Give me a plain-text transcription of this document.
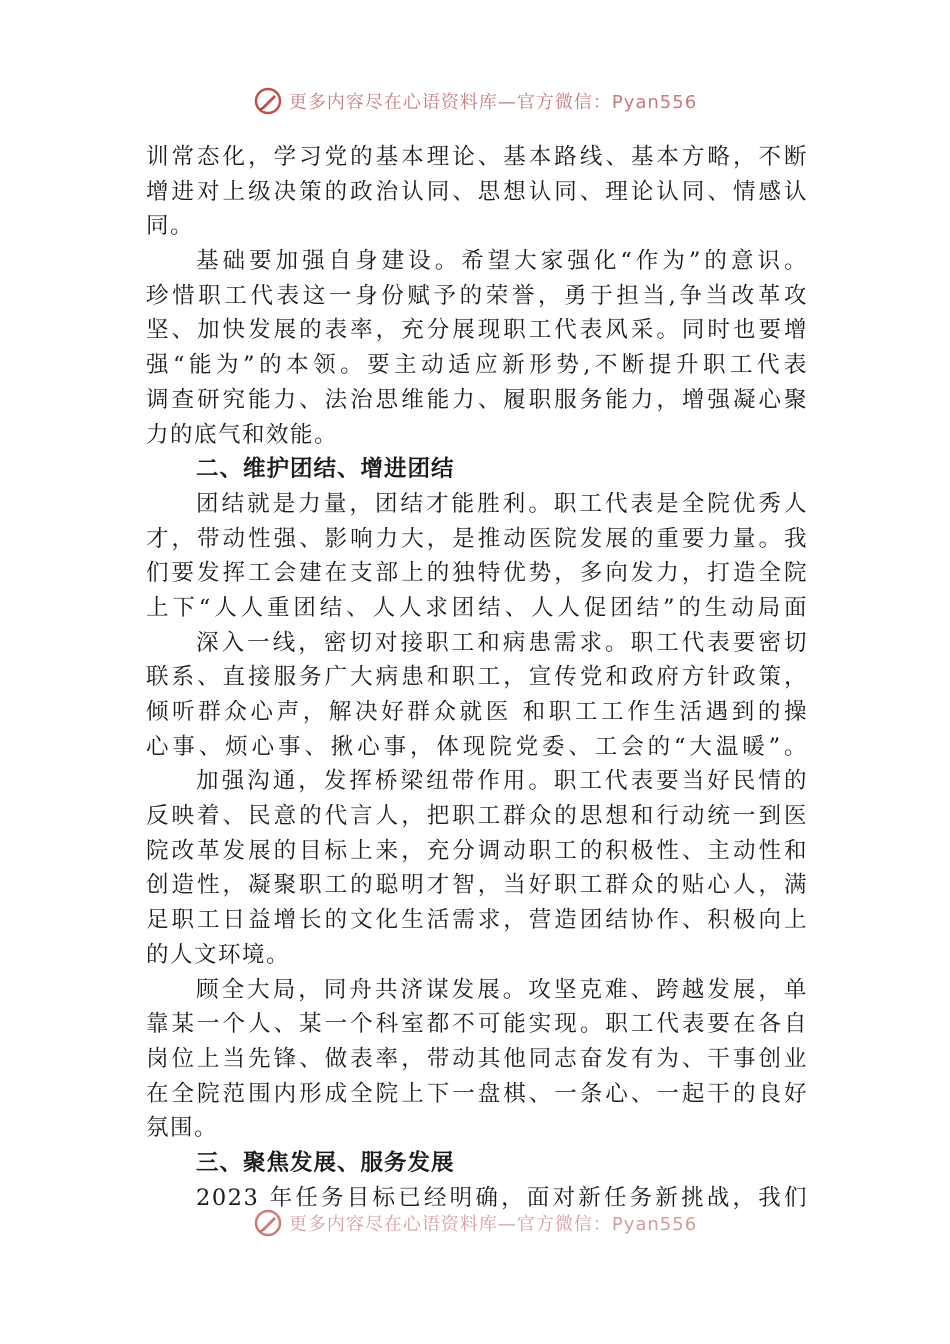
更多内容尽在心语资料库—官方微信：Pyan556
训常态化，学习党的基本理论、基本路线、基本方略，不断
增进对上级决策的政治认同、思想认同、理论认同、情感认
同。
基础要加强自身建设。希望大家强化“作为”的意识。
珍惜职工代表这一身份赋予的荣誉，勇于担当,争当改革攻
坚、加快发展的表率，充分展现职工代表风采。同时也要增
强“能为”的本领。要主动适应新形势,不断提升职工代表
调查研究能力、法治思维能力、履职服务能力，增强凝心聚
力的底气和效能。
二、维护团结、增进团结
团结就是力量，团结才能胜利。职工代表是全院优秀人
才，带动性强、影响力大，是推动医院发展的重要力量。我
们要发挥工会建在支部上的独特优势，多向发力，打造全院
上下“人人重团结、人人求团结、人人促团结”的生动局面
深入一线，密切对接职工和病患需求。职工代表要密切
联系、直接服务广大病患和职工，宣传党和政府方针政策，
倾听群众心声，解决好群众就医 和职工工作生活遇到的操
心事、烦心事、揪心事，体现院党委、工会的“大温暖”。
加强沟通，发挥桥梁纽带作用。职工代表要当好民情的
反映着、民意的代言人，把职工群众的思想和行动统一到医
院改革发展的目标上来，充分调动职工的积极性、主动性和
创造性，凝聚职工的聪明才智，当好职工群众的贴心人，满
足职工日益增长的文化生活需求，营造团结协作、积极向上
的人文环境。
顾全大局，同舟共济谋发展。攻坚克难、跨越发展，单
靠某一个人、某一个科室都不可能实现。职工代表要在各自
岗位上当先锋、做表率，带动其他同志奋发有为、干事创业
在全院范围内形成全院上下一盘棋、一条心、一起干的良好
氛围。
三、聚焦发展、服务发展
2023 年任务目标已经明确，面对新任务新挑战，我们
更多内容尽在心语资料库—官方微信：Pyan556
